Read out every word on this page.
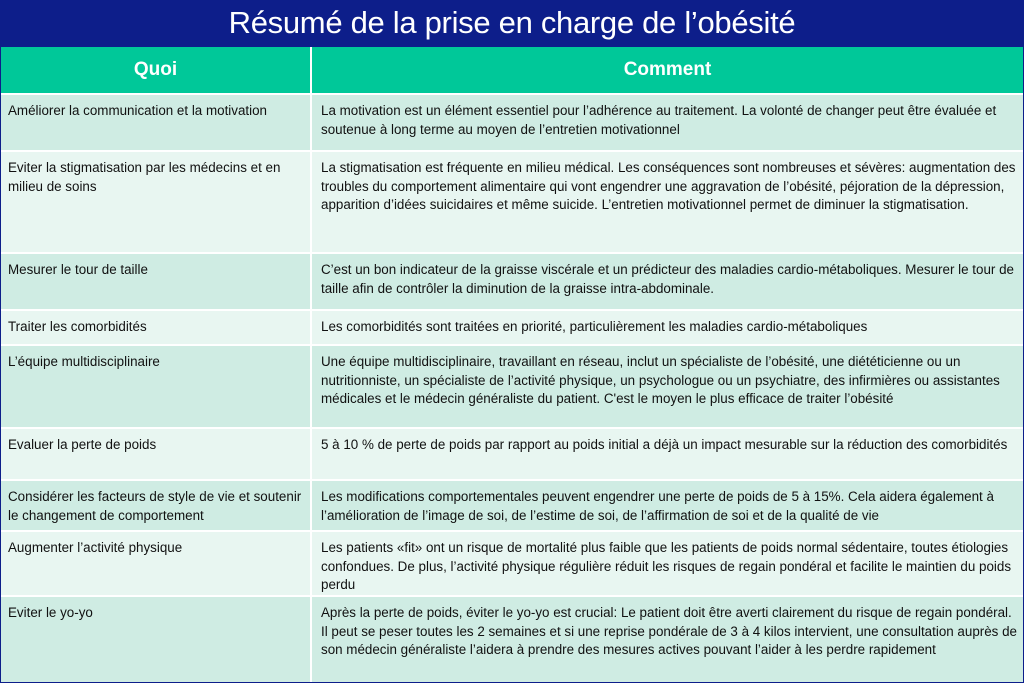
Résumé de la prise en charge de l’obésité
Quoi	Comment
Améliorer la communication et la motivation	La motivation est un élément essentiel pour l’adhérence au traitement. La volonté de changer peut être évaluée et soutenue à long terme au moyen de l’entretien motivationnel
Eviter la stigmatisation par les médecins et en milieu de soins	La stigmatisation est fréquente en milieu médical. Les conséquences sont nombreuses et sévères: augmentation des troubles du comportement alimentaire qui vont engendrer une aggravation de l’obésité, péjoration de la dépression, apparition d’idées suicidaires et même suicide. L’entretien motivationnel permet de diminuer la stigmatisation.
Mesurer le tour de taille	C’est un bon indicateur de la graisse viscérale et un prédicteur des maladies cardio-métaboliques. Mesurer le tour de taille afin de contrôler la diminution de la graisse intra-abdominale.
Traiter les comorbidités	Les comorbidités sont traitées en priorité, particulièrement les maladies cardio-métaboliques
L’équipe multidisciplinaire	Une équipe multidisciplinaire, travaillant en réseau, inclut un spécialiste de l’obésité, une diététicienne ou un nutritionniste, un spécialiste de l’activité physique, un psychologue ou un psychiatre, des infirmières ou assistantes médicales et le médecin généraliste du patient. C'est le moyen le plus efficace de traiter l’obésité
Evaluer la perte de poids	5 à 10 % de perte de poids par rapport au poids initial a déjà un impact mesurable sur la réduction des comorbidités
Considérer les facteurs de style de vie et soutenir le changement de comportement	Les modifications comportementales peuvent engendrer une perte de poids de 5 à 15%. Cela aidera également à l’amélioration de l’image de soi, de l’estime de soi, de l’affirmation de soi et de la qualité de vie
Augmenter l’activité physique	Les patients «fit» ont un risque de mortalité plus faible que les patients de poids normal sédentaire, toutes étiologies confondues. De plus, l’activité physique régulière réduit les risques de regain pondéral et facilite le maintien du poids perdu
Eviter le yo-yo	Après la perte de poids, éviter le yo-yo est crucial: Le patient doit être averti clairement du risque de regain pondéral. Il peut se peser toutes les 2 semaines et si une reprise pondérale de 3 à 4 kilos intervient, une consultation auprès de son médecin généraliste l’aidera à prendre des mesures actives pouvant l’aider à les perdre rapidement
